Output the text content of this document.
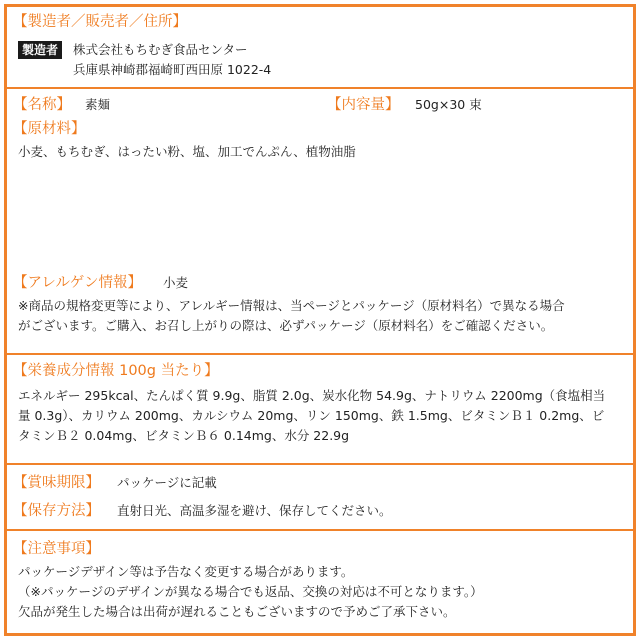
【製造者／販売者／住所】
製造者	株式会社もちむぎ食品センター
兵庫県神崎郡福崎町西田原 1022-4
【名称】 素麺	【内容量】 50g×30 束
【原材料】
小麦、もちむぎ、はったい粉、塩、加工でんぷん、植物油脂
【アレルゲン情報】 小麦
※商品の規格変更等により、アレルギー情報は、当ページとパッケージ（原材料名）で異なる場合
がございます。ご購入、お召し上がりの際は、必ずパッケージ（原材料名）をご確認ください。
【栄養成分情報 100g 当たり】
エネルギー 295kcal、たんぱく質 9.9g、脂質 2.0g、炭水化物 54.9g、ナトリウム 2200mg（食塩相当
量 0.3g）、カリウム 200mg、カルシウム 20mg、リン 150mg、鉄 1.5mg、ビタミンＢ１ 0.2mg、ビ
タミンＢ２ 0.04mg、ビタミンＢ６ 0.14mg、水分 22.9g
【賞味期限】 パッケージに記載
【保存方法】 直射日光、高温多湿を避け、保存してください。
【注意事項】
パッケージデザイン等は予告なく変更する場合があります。
（※パッケージのデザインが異なる場合でも返品、交換の対応は不可となります。）
欠品が発生した場合は出荷が遅れることもございますので予めご了承下さい。
